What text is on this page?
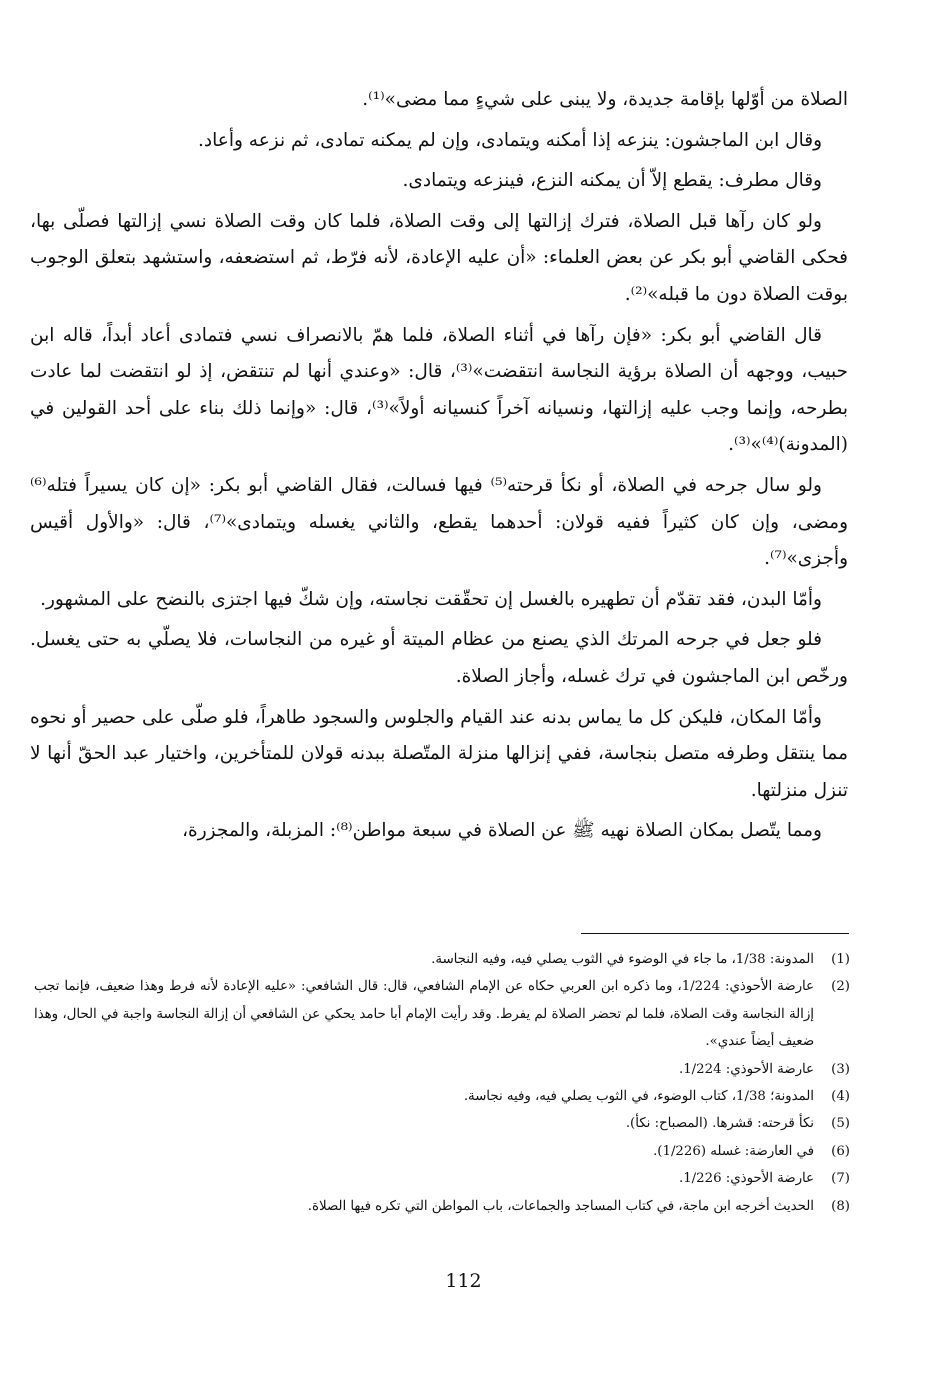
الصلاة من أوّلها بإقامة جديدة، ولا يبنى على شيءٍ مما مضى»⁽¹⁾.

وقال ابن الماجشون: ينزعه إذا أمكنه ويتمادى، وإن لم يمكنه تمادى، ثم نزعه وأعاد.

وقال مطرف: يقطع إلاّ أن يمكنه النزع، فينزعه ويتمادى.

ولو كان رآها قبل الصلاة، فترك إزالتها إلى وقت الصلاة، فلما كان وقت الصلاة نسي إزالتها فصلّى بها، فحكى القاضي أبو بكر عن بعض العلماء: «أن عليه الإعادة، لأنه فرّط، ثم استضعفه، واستشهد بتعلق الوجوب بوقت الصلاة دون ما قبله»⁽²⁾.

قال القاضي أبو بكر: «فإن رآها في أثناء الصلاة، فلما همّ بالانصراف نسي فتمادى أعاد أبداً، قاله ابن حبيب، ووجهه أن الصلاة برؤية النجاسة انتقضت»⁽³⁾، قال: «وعندي أنها لم تنتقض، إذ لو انتقضت لما عادت بطرحه، وإنما وجب عليه إزالتها، ونسيانه آخراً كنسيانه أولاً»⁽³⁾، قال: «وإنما ذلك بناء على أحد القولين في (المدونة)⁽⁴⁾»⁽³⁾.

ولو سال جرحه في الصلاة، أو نكأ قرحته⁽⁵⁾ فيها فسالت، فقال القاضي أبو بكر: «إن كان يسيراً فتله⁽⁶⁾ ومضى، وإن كان كثيراً ففيه قولان: أحدهما يقطع، والثاني يغسله ويتمادى»⁽⁷⁾، قال: «والأول أقيس وأجزى»⁽⁷⁾.

وأمّا البدن، فقد تقدّم أن تطهيره بالغسل إن تحقّقت نجاسته، وإن شكّ فيها اجتزى بالنضح على المشهور.

فلو جعل في جرحه المرتك الذي يصنع من عظام الميتة أو غيره من النجاسات، فلا يصلّي به حتى يغسل. ورخّص ابن الماجشون في ترك غسله، وأجاز الصلاة.

وأمّا المكان، فليكن كل ما يماس بدنه عند القيام والجلوس والسجود طاهراً، فلو صلّى على حصير أو نحوه مما ينتقل وطرفه متصل بنجاسة، ففي إنزالها منزلة المتّصلة ببدنه قولان للمتأخرين، واختيار عبد الحقّ أنها لا تنزل منزلتها.

ومما يتّصل بمكان الصلاة نهيه ﷺ عن الصلاة في سبعة مواطن⁽⁸⁾: المزبلة، والمجزرة،

(1)
المدونة: 1/38، ما جاء في الوضوء في الثوب يصلي فيه، وفيه النجاسة.
(2)
عارضة الأحوذي: 1/224، وما ذكره ابن العربي حكاه عن الإمام الشافعي، قال: قال الشافعي: «عليه الإعادة لأنه فرط وهذا ضعيف، فإنما تجب إزالة النجاسة وقت الصلاة، فلما لم تحضر الصلاة لم يفرط. وقد رأيت الإمام أبا حامد يحكي عن الشافعي أن إزالة النجاسة واجبة في الحال، وهذا ضعيف أيضاً عندي».
(3)
عارضة الأحوذي: 1/224.
(4)
المدونة؛ 1/38، كتاب الوضوء، في الثوب يصلي فيه، وفيه نجاسة.
(5)
نكأ قرحته: قشرها. (المصباح: نكأ).
(6)
في العارضة: غسله (1/226).
(7)
عارضة الأحوذي: 1/226.
(8)
الحديث أخرجه ابن ماجة، في كتاب المساجد والجماعات، باب المواطن التي تكره فيها الصلاة.
112
